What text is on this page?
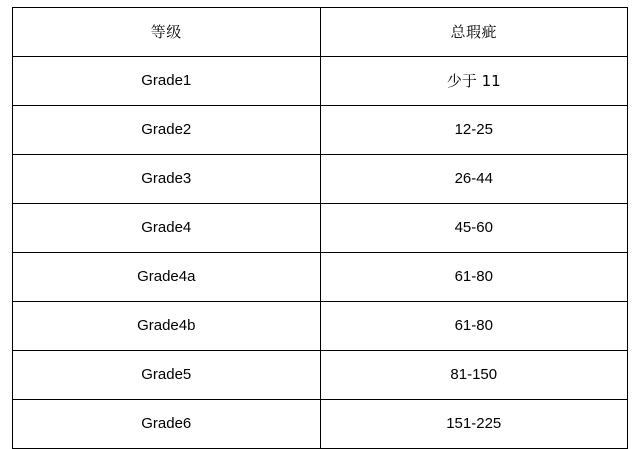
等级	总瑕疵
Grade1	少于 11
Grade2	12-25
Grade3	26-44
Grade4	45-60
Grade4a	61-80
Grade4b	61-80
Grade5	81-150
Grade6	151-225
